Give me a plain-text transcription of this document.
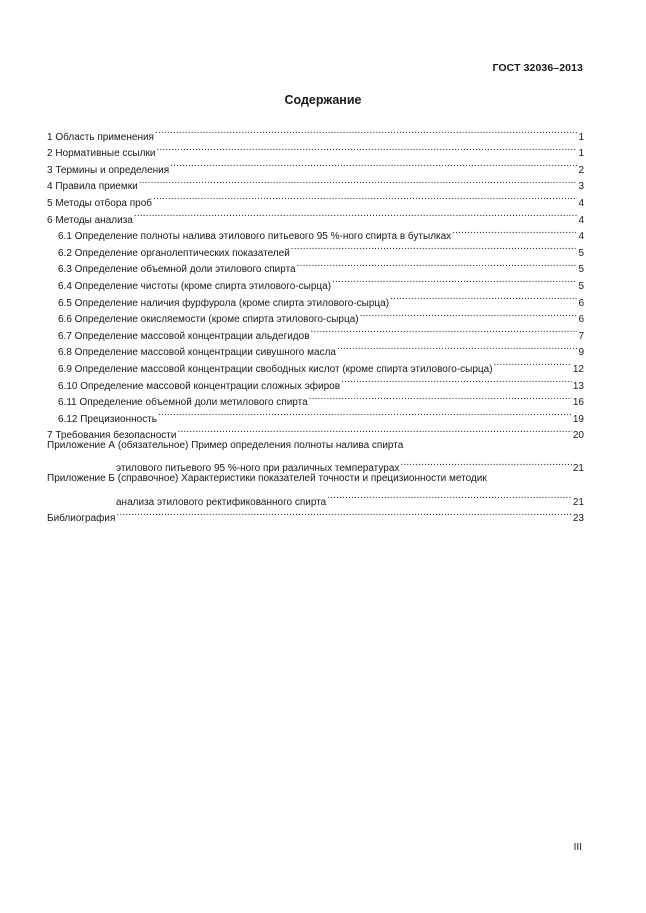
ГОСТ 32036–2013
Содержание
1 Область применения .....	1
2 Нормативные ссылки .....	1
3 Термины и определения .....	2
4 Правила приемки .....	3
5 Методы отбора проб .....	4
6 Методы анализа .....	4
6.1 Определение полноты налива этилового питьевого 95 %-ного спирта в бутылках .....	4
6.2 Определение органолептических показателей .....	5
6.3 Определение объемной доли этилового спирта .....	5
6.4 Определение чистоты (кроме спирта этилового-сырца) .....	5
6.5 Определение наличия фурфурола (кроме спирта этилового-сырца) .....	6
6.6 Определение окисляемости (кроме спирта этилового-сырца) .....	6
6.7 Определение массовой концентрации альдегидов .....	7
6.8 Определение массовой концентрации сивушного масла .....	9
6.9 Определение массовой концентрации свободных кислот (кроме спирта этилового-сырца) .....	12
6.10 Определение массовой концентрации сложных эфиров .....	13
6.11 Определение объемной доли метилового спирта .....	16
6.12 Прецизионность .....	19
7 Требования безопасности .....	20
Приложение А (обязательное) Пример определения полноты налива спирта
этилового питьевого 95 %-ного при различных температурах .....	21
Приложение Б (справочное) Характеристики показателей точности и прецизионности методик
анализа этилового ректификованного спирта .....	21
Библиография .....	23
III
